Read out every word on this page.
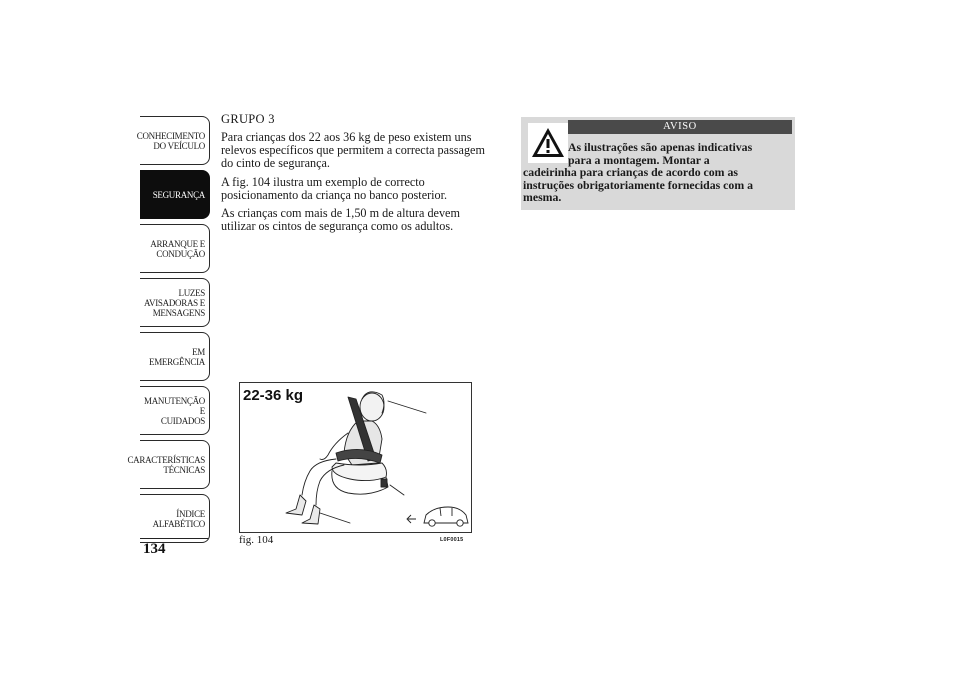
CONHECIMENTO
DO VEÍCULO
SEGURANÇA
ARRANQUE E
CONDUÇÃO
LUZES
AVISADORAS E
MENSAGENS
EM EMERGÊNCIA
MANUTENÇÃO E
CUIDADOS
CARACTERÍSTICAS
TÉCNICAS
ÍNDICE
ALFABÉTICO
134
GRUPO 3

Para crianças dos 22 aos 36 kg de peso existem uns relevos específicos que permitem a correcta passagem do cinto de segurança.

A fig. 104 ilustra um exemplo de correcto posicionamento da criança no banco posterior.

As crianças com mais de 1,50 m de altura devem utilizar os cintos de segurança como os adultos.

AVISO
As ilustrações são apenas indicativas
para a montagem. Montar a
cadeirinha para crianças de acordo com as instruções obrigatoriamente fornecidas com a mesma.
22-36 kg
fig. 104	L0F0015
